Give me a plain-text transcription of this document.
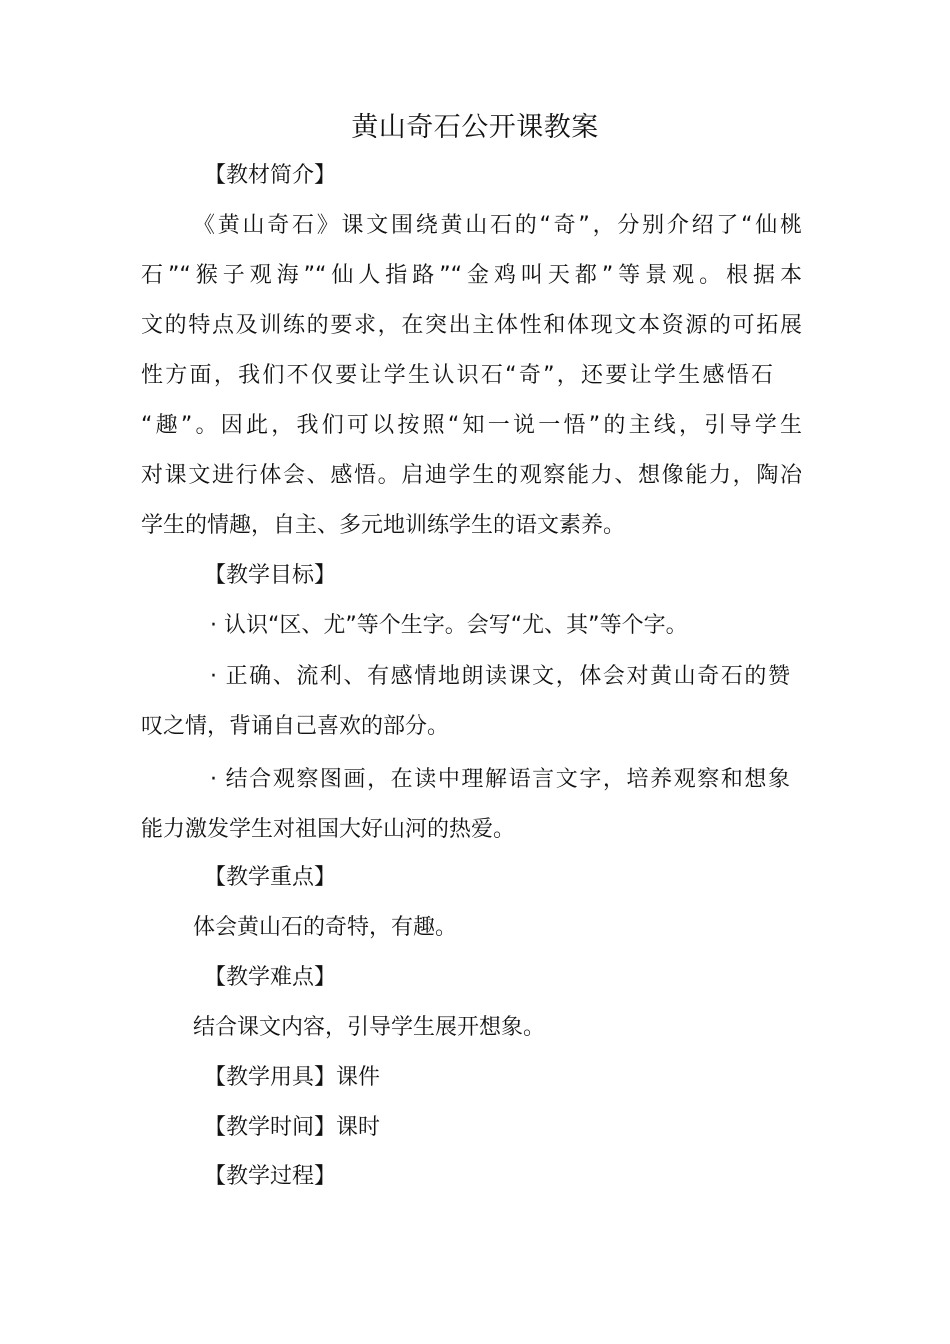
黄山奇石公开课教案
【教材简介】
《黄山奇石》课文围绕黄山石的“奇”，分别介绍了“仙桃
石”“猴子观海”“仙人指路”“金鸡叫天都”等景观。根据本
文的特点及训练的要求，在突出主体性和体现文本资源的可拓展
性方面，我们不仅要让学生认识石“奇”，还要让学生感悟石
“趣”。因此，我们可以按照“知一说一悟”的主线，引导学生
对课文进行体会、感悟。启迪学生的观察能力、想像能力，陶冶
学生的情趣，自主、多元地训练学生的语文素养。
【教学目标】
· 认识“区、尤”等个生字。会写“尤、其”等个字。
· 正确、流利、有感情地朗读课文，体会对黄山奇石的赞
叹之情，背诵自己喜欢的部分。
· 结合观察图画，在读中理解语言文字，培养观察和想象
能力激发学生对祖国大好山河的热爱。
【教学重点】
体会黄山石的奇特，有趣。
【教学难点】
结合课文内容，引导学生展开想象。
【教学用具】课件
【教学时间】课时
【教学过程】
